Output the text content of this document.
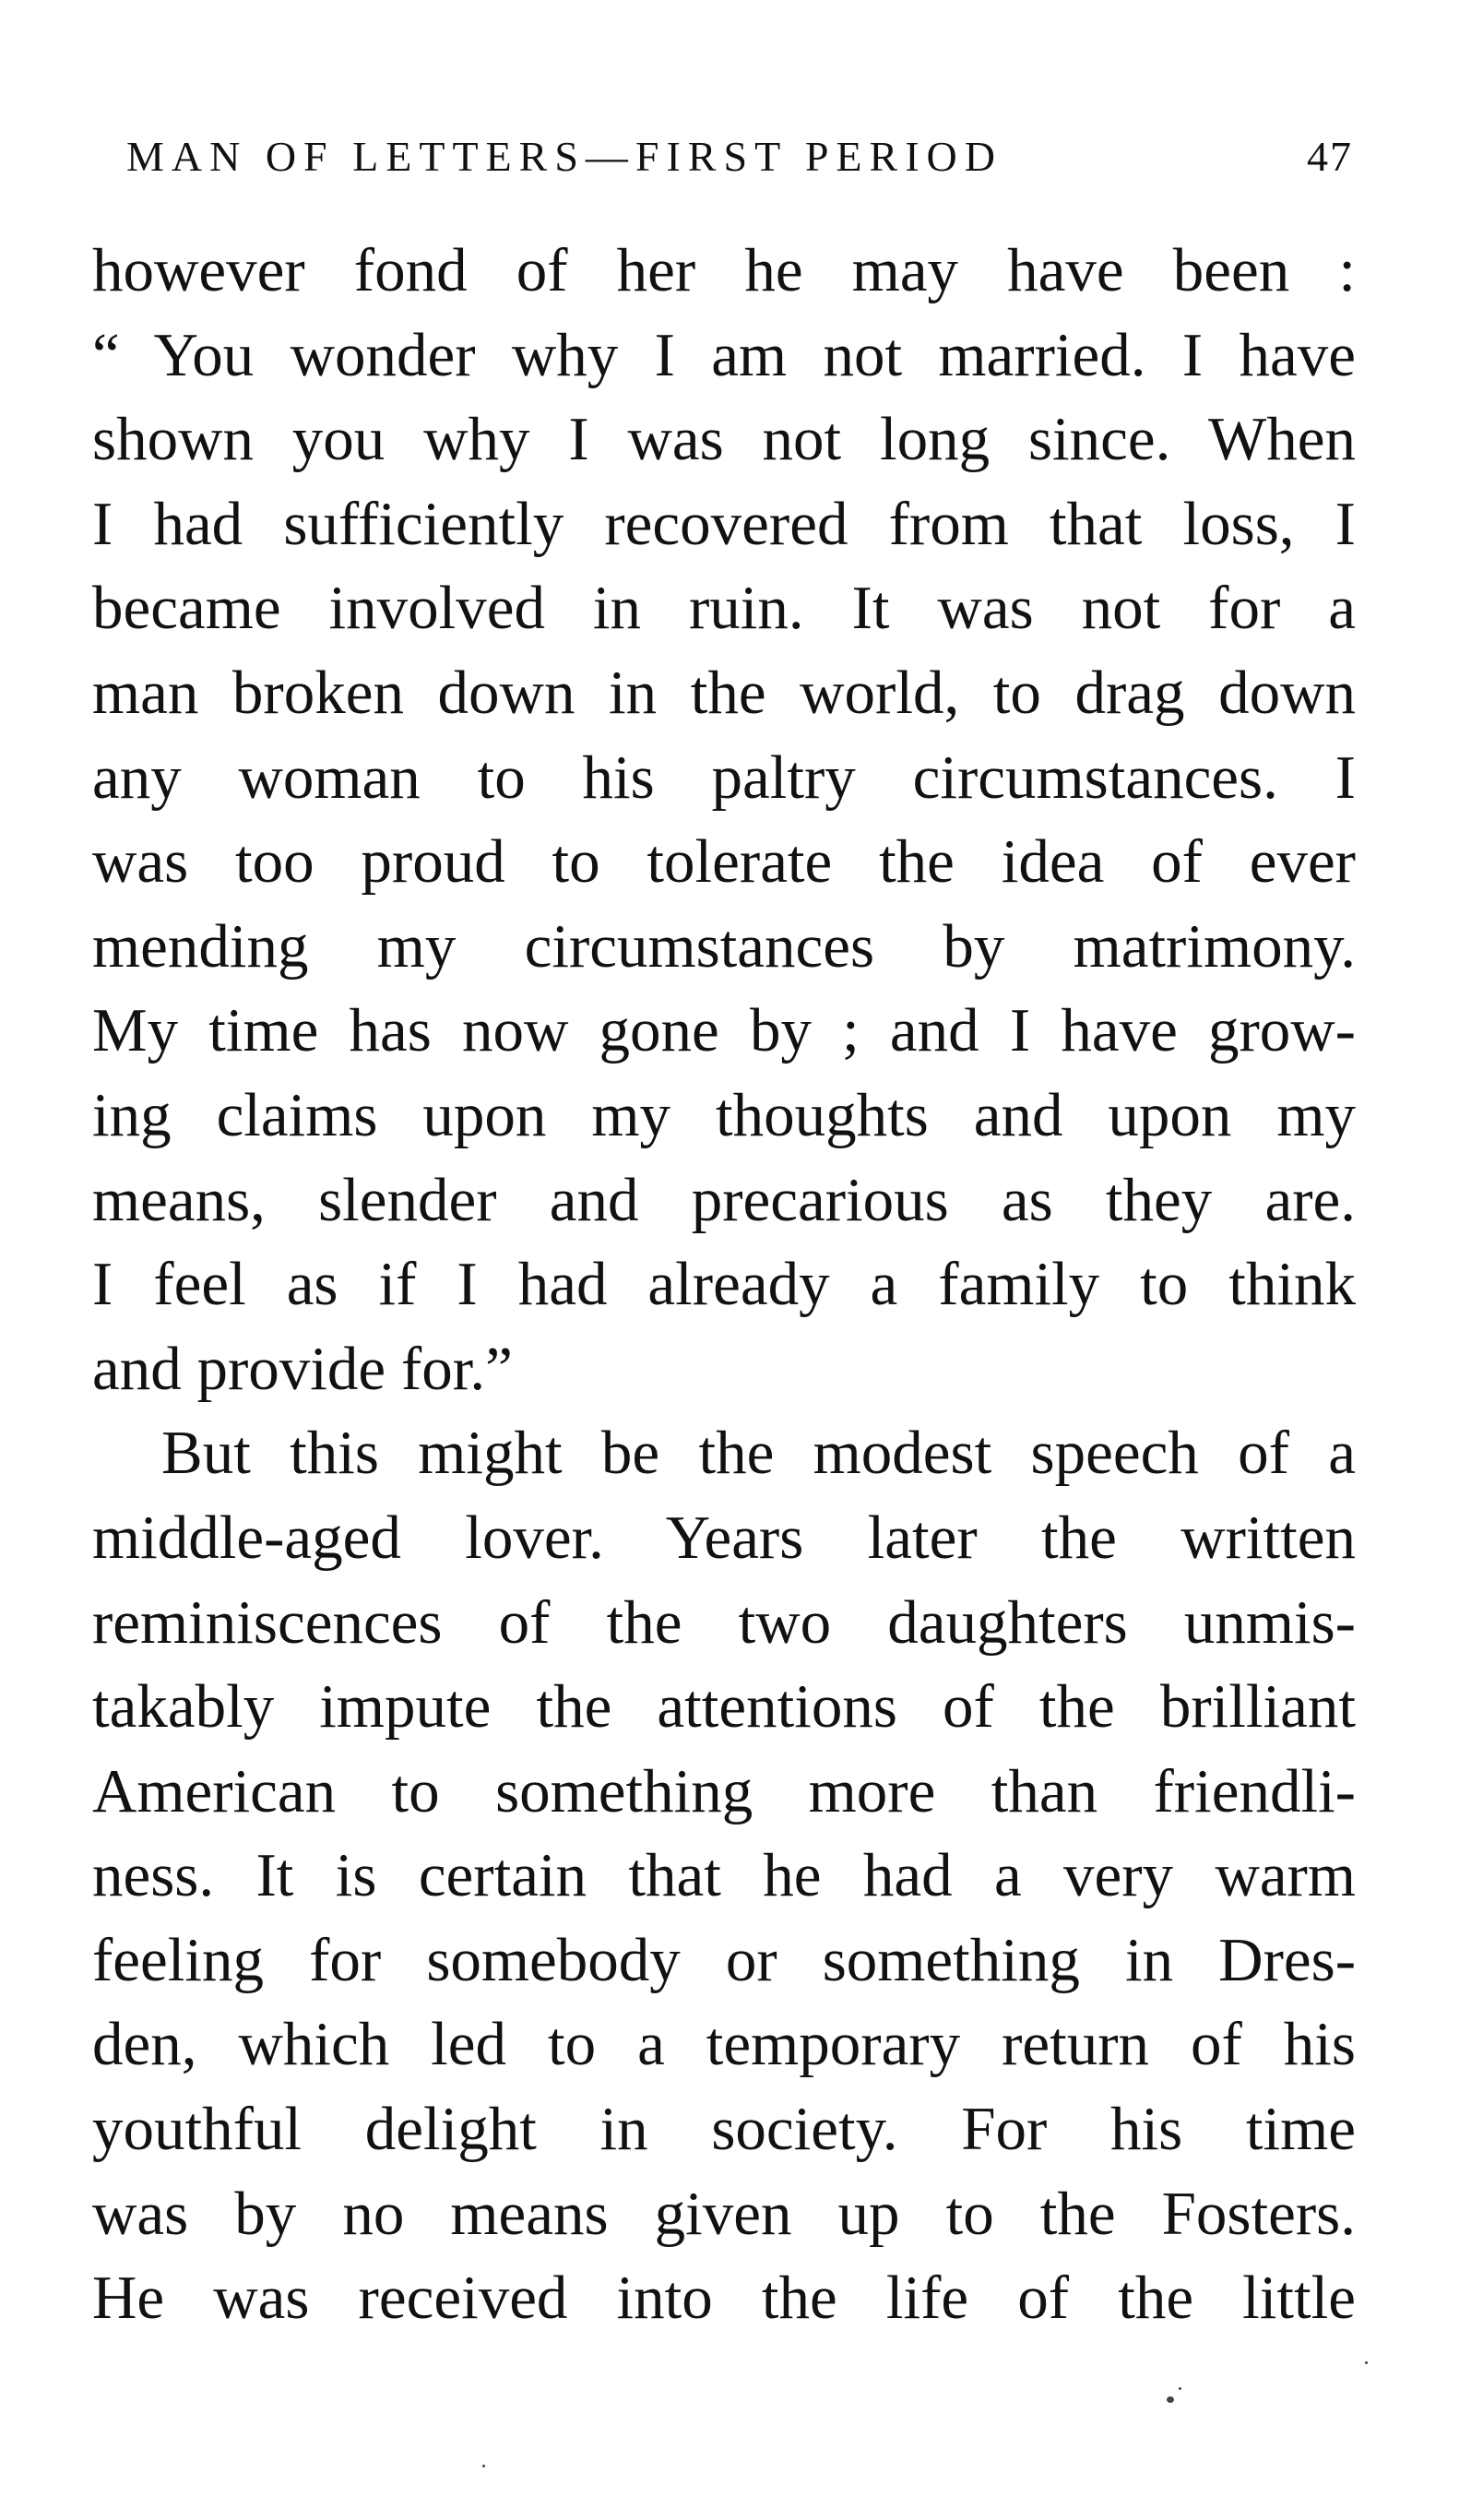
MAN OF LETTERS—FIRST PERIOD	47
however fond of her he may have been :
“ You wonder why I am not married. I have
shown you why I was not long since. When
I had sufficiently recovered from that loss, I
became involved in ruin. It was not for a
man broken down in the world, to drag down
any woman to his paltry circumstances. I
was too proud to tolerate the idea of ever
mending my circumstances by matrimony.
My time has now gone by ; and I have grow-
ing claims upon my thoughts and upon my
means, slender and precarious as they are.
I feel as if I had already a family to think
and provide for.”
But this might be the modest speech of a
middle-aged lover. Years later the written
reminiscences of the two daughters unmis-
takably impute the attentions of the brilliant
American to something more than friendli-
ness. It is certain that he had a very warm
feeling for somebody or something in Dres-
den, which led to a temporary return of his
youthful delight in society. For his time
was by no means given up to the Fosters.
He was received into the life of the little
